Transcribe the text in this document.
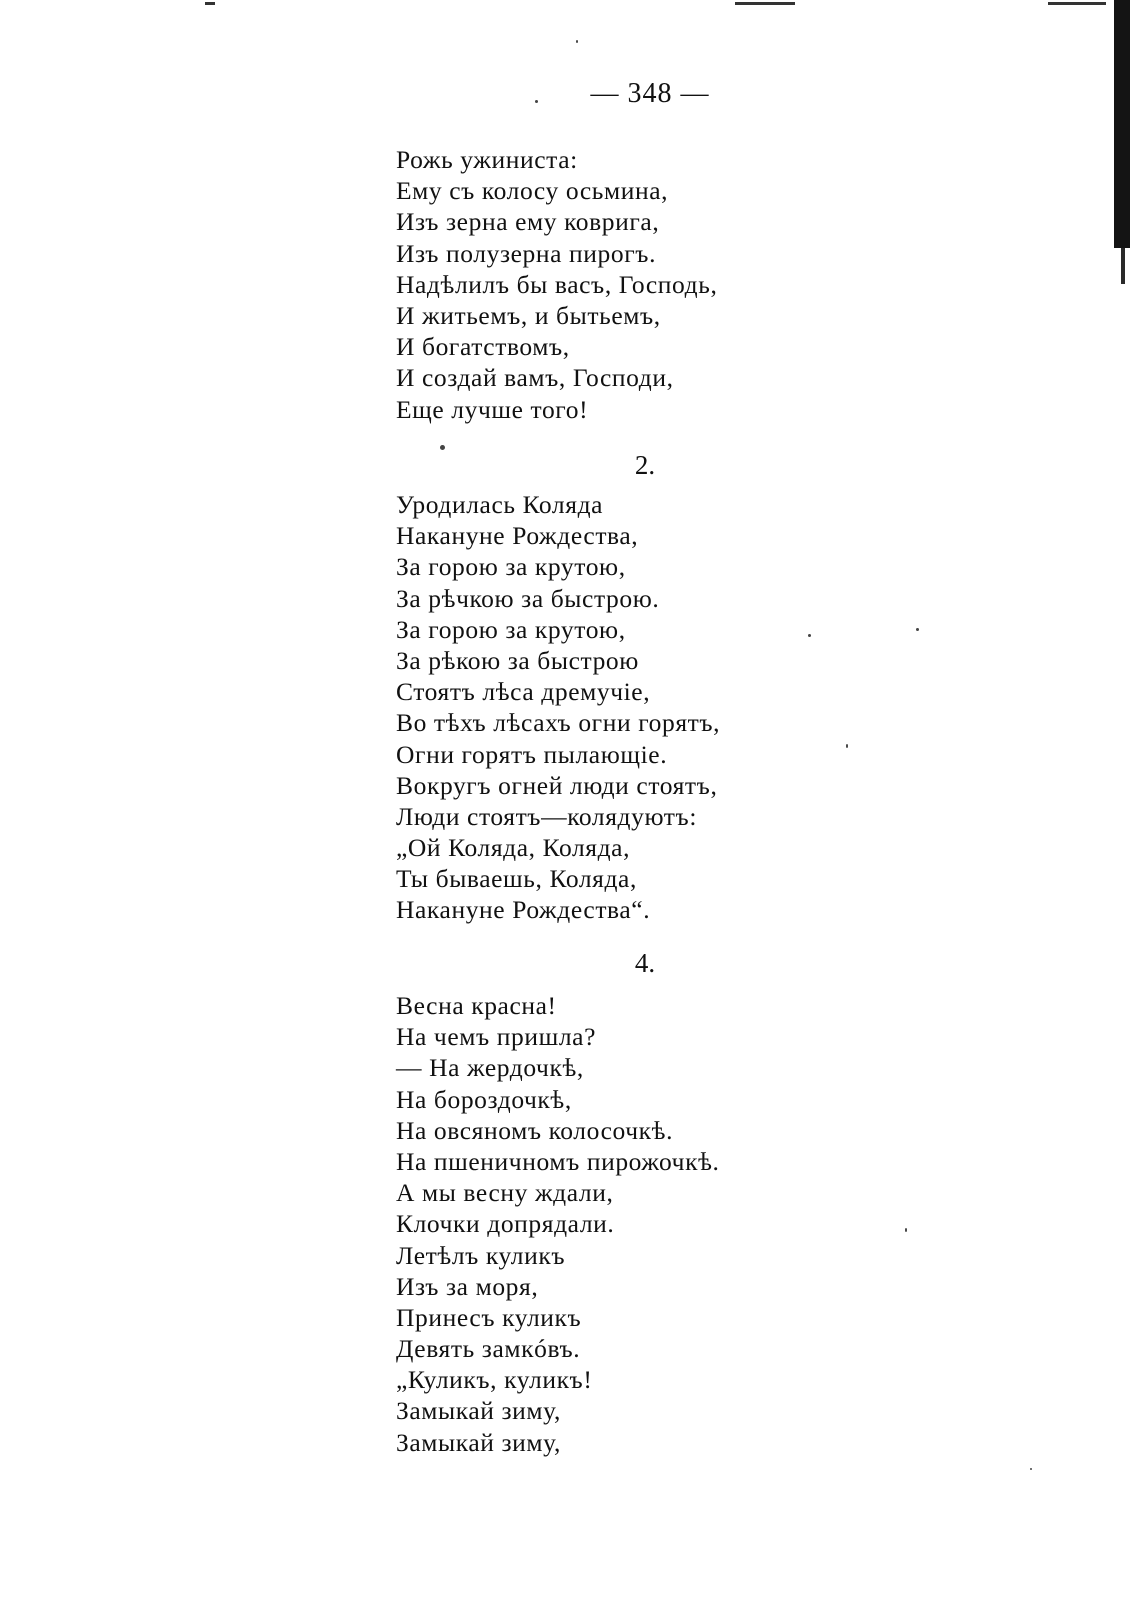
— 348 —
Рожь ужиниста:
Ему съ колосу осьмина,
Изъ зерна ему коврига,
Изъ полузерна пирогъ.
Надѣлилъ бы васъ, Господь,
И житьемъ, и бытьемъ,
И богатствомъ,
И создай вамъ, Господи,
Еще лучше того!
2.
Уродилась Коляда
Накануне Рождества,
За горою за крутою,
За рѣчкою за быстрою.
За горою за крутою,
За рѣкою за быстрою
Стоятъ лѣса дремучіе,
Во тѣхъ лѣсахъ огни горятъ,
Огни горятъ пылающіе.
Вокругъ огней люди стоятъ,
Люди стоятъ—колядуютъ:
„Ой Коляда, Коляда,
Ты бываешь, Коляда,
Накануне Рождества“.
4.
Весна красна!
На чемъ пришла?
— На жердочкѣ,
На бороздочкѣ,
На овсяномъ колосочкѣ.
На пшеничномъ пирожочкѣ.
А мы весну ждали,
Клочки допрядали.
Летѣлъ куликъ
Изъ за моря,
Принесъ куликъ
Девять замкóвъ.
„Куликъ, куликъ!
Замыкай зиму,
Замыкай зиму,
